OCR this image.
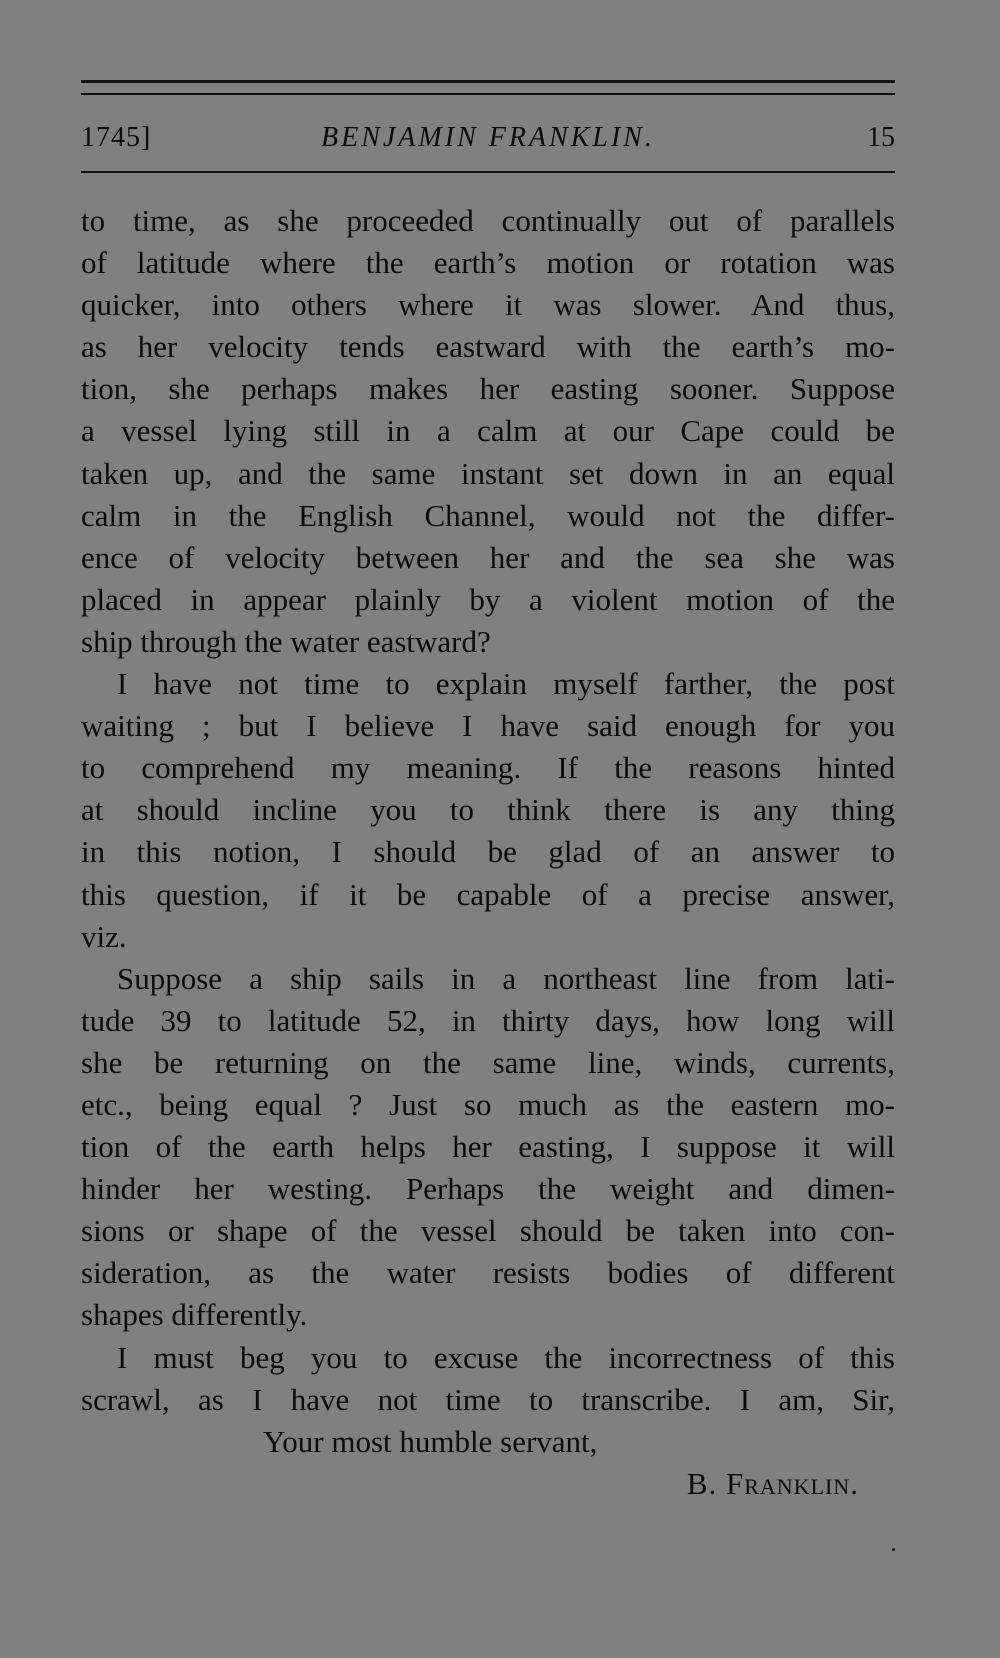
1745]	BENJAMIN FRANKLIN.	15
to time, as she proceeded continually out of parallels
of latitude where the earth’s motion or rotation was
quicker, into others where it was slower. And thus,
as her velocity tends eastward with the earth’s mo-
tion, she perhaps makes her easting sooner. Suppose
a vessel lying still in a calm at our Cape could be
taken up, and the same instant set down in an equal
calm in the English Channel, would not the differ-
ence of velocity between her and the sea she was
placed in appear plainly by a violent motion of the
ship through the water eastward?
I have not time to explain myself farther, the post
waiting ; but I believe I have said enough for you
to comprehend my meaning. If the reasons hinted
at should incline you to think there is any thing
in this notion, I should be glad of an answer to
this question, if it be capable of a precise answer,
viz.
Suppose a ship sails in a northeast line from lati-
tude 39 to latitude 52, in thirty days, how long will
she be returning on the same line, winds, currents,
etc., being equal ? Just so much as the eastern mo-
tion of the earth helps her easting, I suppose it will
hinder her westing. Perhaps the weight and dimen-
sions or shape of the vessel should be taken into con-
sideration, as the water resists bodies of different
shapes differently.
I must beg you to excuse the incorrectness of this
scrawl, as I have not time to transcribe. I am, Sir,
Your most humble servant,
B. Franklin.
